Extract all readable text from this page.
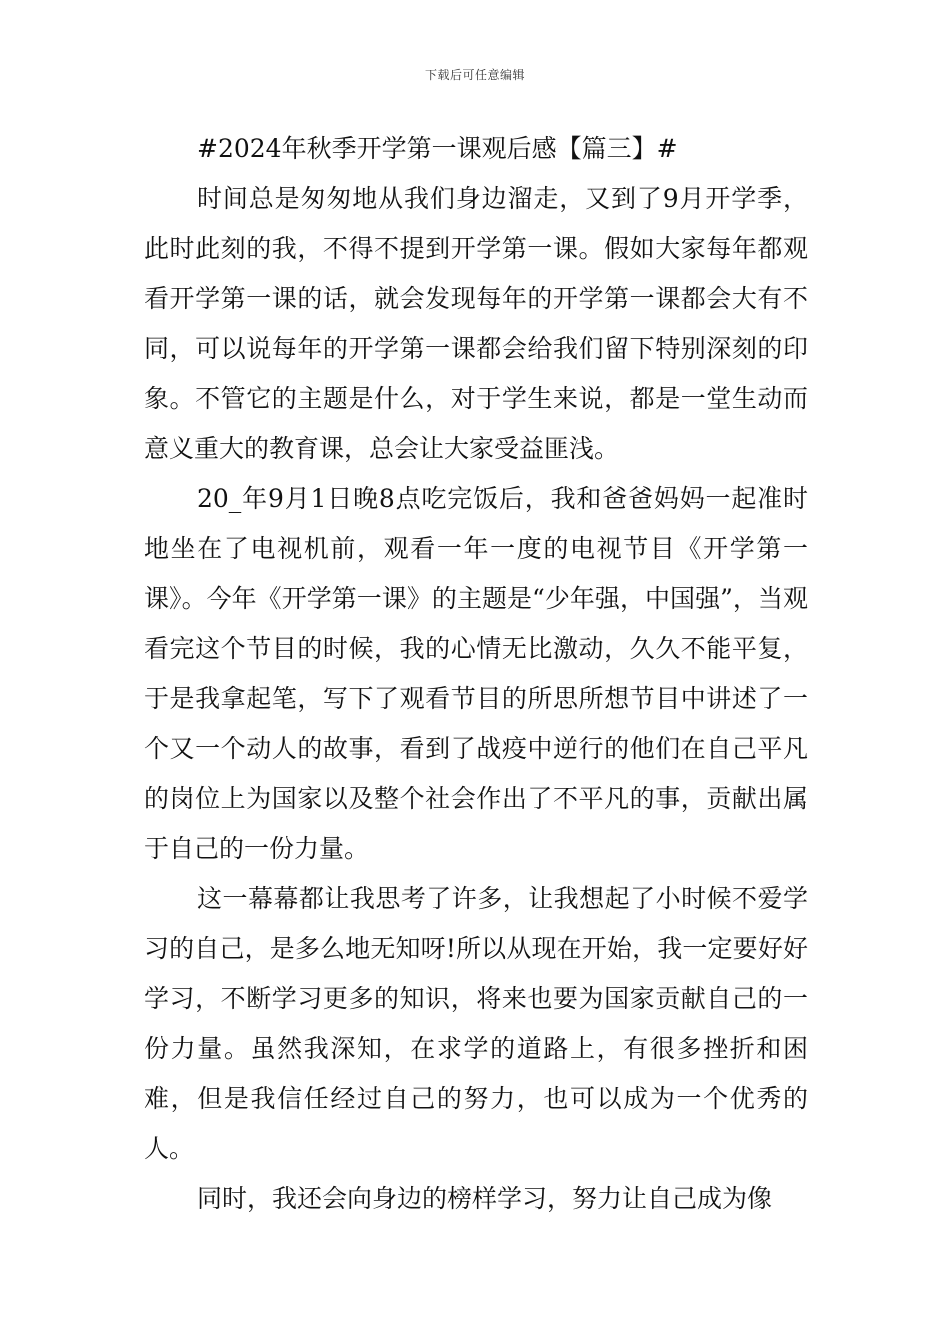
下载后可任意编辑
#2024年秋季开学第一课观后感【篇三】#

时间总是匆匆地从我们身边溜走，又到了9月开学季，此时此刻的我，不得不提到开学第一课。假如大家每年都观看开学第一课的话，就会发现每年的开学第一课都会大有不同，可以说每年的开学第一课都会给我们留下特别深刻的印象。不管它的主题是什么，对于学生来说，都是一堂生动而意义重大的教育课，总会让大家受益匪浅。

20_年9月1日晚8点吃完饭后，我和爸爸妈妈一起准时地坐在了电视机前，观看一年一度的电视节目《开学第一课》。今年《开学第一课》的主题是“少年强，中国强”，当观看完这个节目的时候，我的心情无比激动，久久不能平复，于是我拿起笔，写下了观看节目的所思所想节目中讲述了一个又一个动人的故事，看到了战疫中逆行的他们在自己平凡的岗位上为国家以及整个社会作出了不平凡的事，贡献出属于自己的一份力量。

这一幕幕都让我思考了许多，让我想起了小时候不爱学习的自己，是多么地无知呀!所以从现在开始，我一定要好好学习，不断学习更多的知识，将来也要为国家贡献自己的一份力量。虽然我深知，在求学的道路上，有很多挫折和困难，但是我信任经过自己的努力，也可以成为一个优秀的人。

同时，我还会向身边的榜样学习，努力让自己成为像
